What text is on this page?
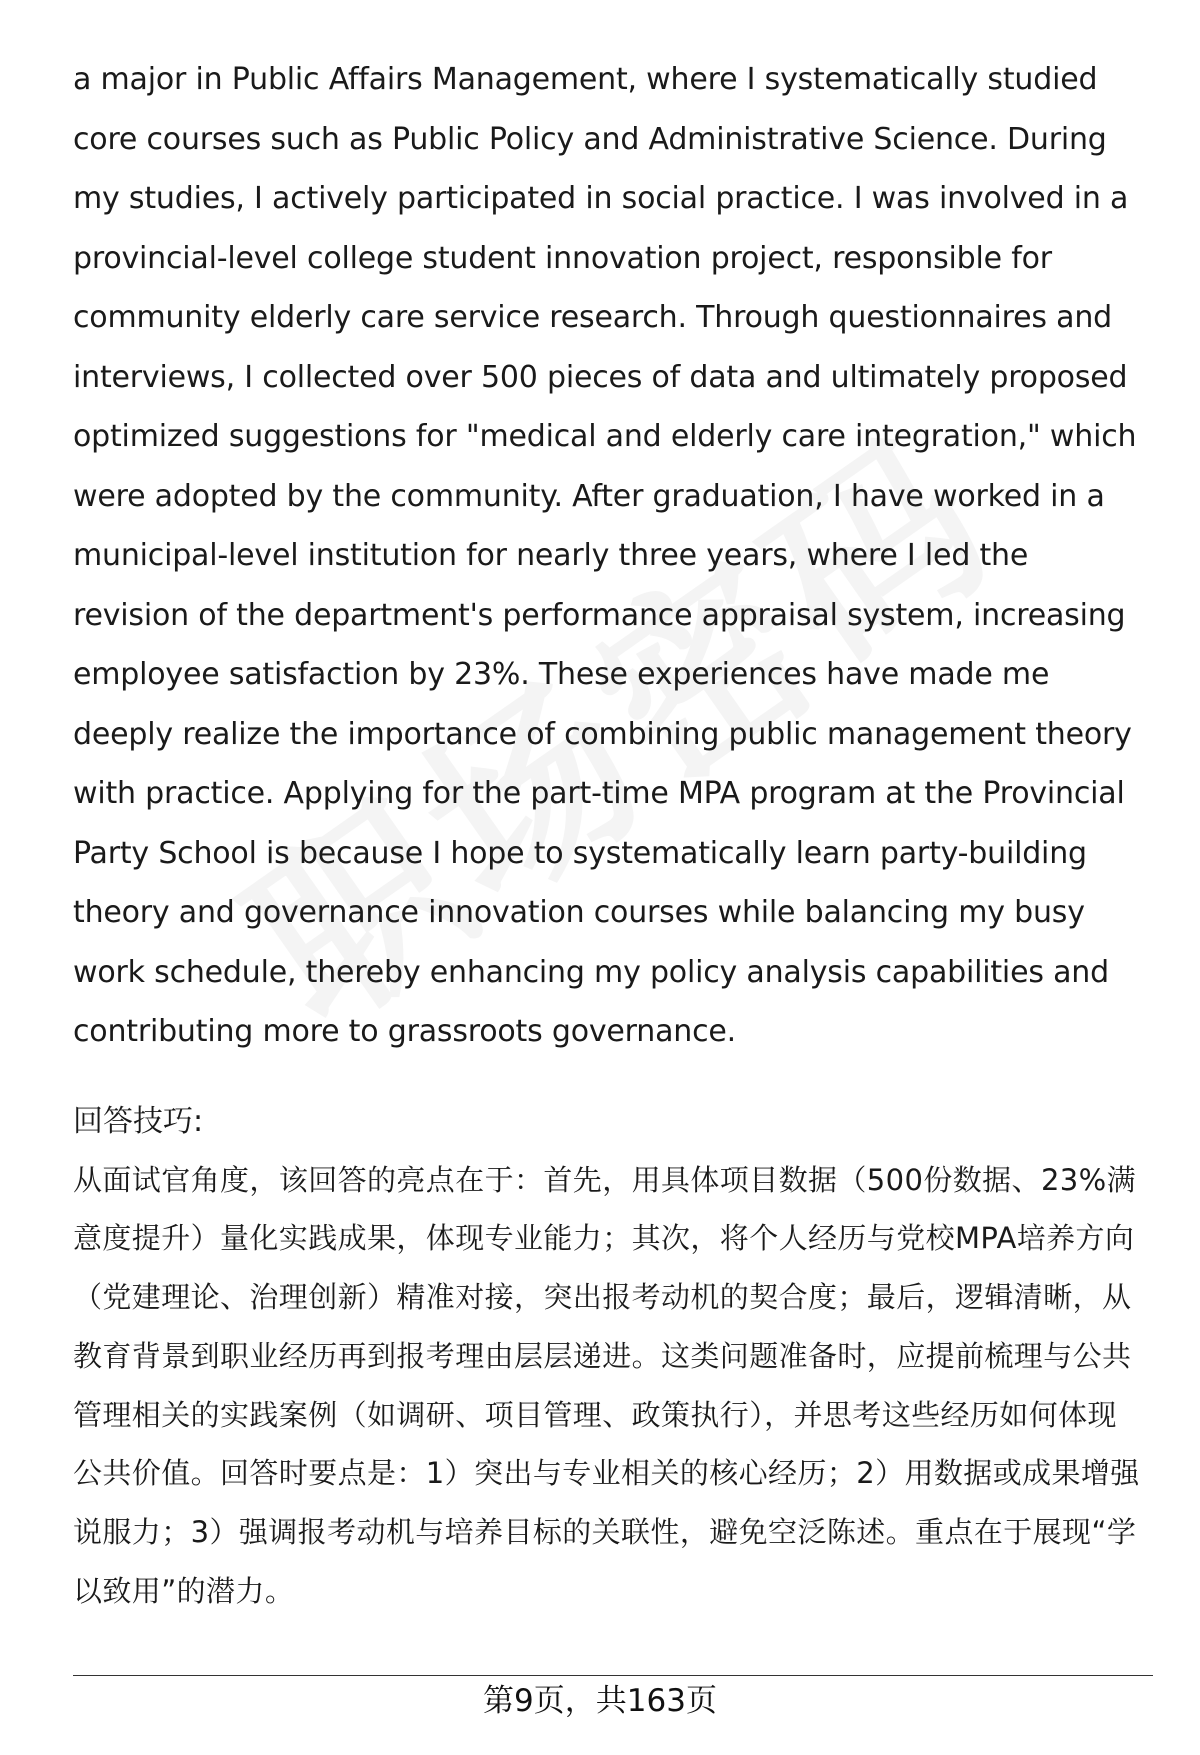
a major in Public Affairs Management, where I systematically studied core courses such as Public Policy and Administrative Science. During my studies, I actively participated in social practice. I was involved in a provincial-level college student innovation project, responsible for community elderly care service research. Through questionnaires and interviews, I collected over 500 pieces of data and ultimately proposed optimized suggestions for "medical and elderly care integration," which were adopted by the community. After graduation, I have worked in a municipal-level institution for nearly three years, where I led the revision of the department's performance appraisal system, increasing employee satisfaction by 23%. These experiences have made me deeply realize the importance of combining public management theory with practice. Applying for the part-time MPA program at the Provincial Party School is because I hope to systematically learn party-building theory and governance innovation courses while balancing my busy work schedule, thereby enhancing my policy analysis capabilities and contributing more to grassroots governance.

回答技巧:

从面试官角度，该回答的亮点在于：首先，用具体项目数据（500份数据、23%满意度提升）量化实践成果，体现专业能力；其次，将个人经历与党校MPA培养方向（党建理论、治理创新）精准对接，突出报考动机的契合度；最后，逻辑清晰，从教育背景到职业经历再到报考理由层层递进。这类问题准备时，应提前梳理与公共管理相关的实践案例（如调研、项目管理、政策执行），并思考这些经历如何体现公共价值。回答时要点是：1）突出与专业相关的核心经历；2）用数据或成果增强说服力；3）强调报考动机与培养目标的关联性，避免空泛陈述。重点在于展现“学以致用”的潜力。

第9页，共163页
